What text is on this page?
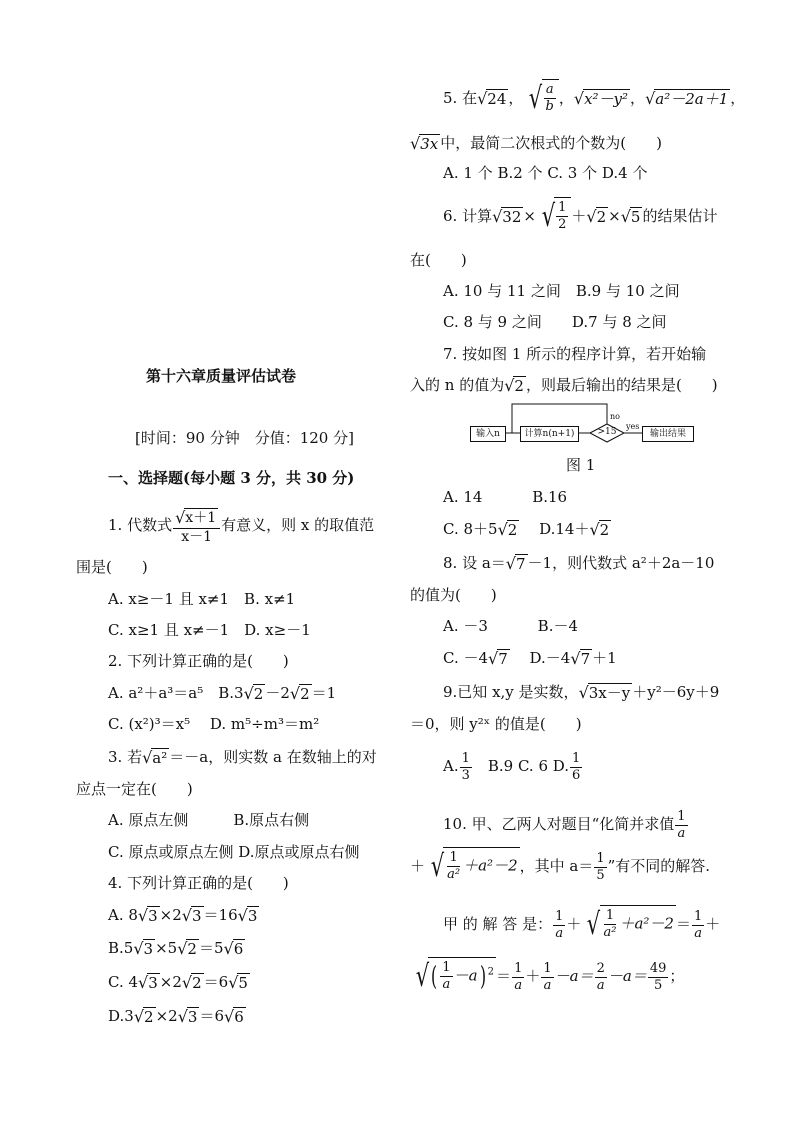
第十六章质量评估试卷
[时间：90 分钟　分值：120 分]
一、选择题(每小题 3 分，共 30 分)
1. 代数式 $\frac{√ x+1}{x-1}$ 有意义，则 x 的取值范
围是(　　)
A. x≥－1 且 x≠1　B. x≠1
C. x≥1 且 x≠－1　D. x≥－1
2. 下列计算正确的是(　　)
A. a²＋a³＝a⁵　B.3 √ 2 －2 √ 2 ＝1
C. (x²)³＝x⁵　 D. m⁵÷m³＝m²
3. 若 √ a² ＝－a，则实数 a 在数轴上的对
应点一定在(　　)
A. 原点左侧　　　B.原点右侧
C. 原点或原点左侧 D.原点或原点右侧
4. 下列计算正确的是(　　)
A. 8 √ 3 ×2 √ 3 ＝16 √ 3
B.5 √ 3 ×5 √ 2 ＝5 √ 6
C. 4 √ 3 ×2 √ 2 ＝6 √ 5
D.3 √ 2 ×2 √ 3 ＝6 √ 6
5. 在 √ 24 ， √ $\frac{a}{b}$ ， √ x²－y² ， √ a²－2a＋1 ，
√ 3x 中，最简二次根式的个数为(　　)
A. 1 个 B.2 个 C. 3 个 D.4 个
6. 计算 √ 32 × √ $\frac{1}{2}$ ＋ √ 2 × √ 5 的结果估计
在(　　)
A. 10 与 11 之间　B.9 与 10 之间
C. 8 与 9 之间　　D.7 与 8 之间
7. 按如图 1 所示的程序计算，若开始输
入的 n 的值为 √ 2 ，则最后输出的结果是(　　)
输入n	计算n(n+1)	>15
no
yes
输出结果
图 1
A. 14　　　 B.16
C. 8＋5 √ 2 　 D.14＋ √ 2
8. 设 a＝ √ 7 －1，则代数式 a²＋2a－10
的值为(　　)
A. －3　　　 B.－4
C. －4 √ 7 　 D.－4 √ 7 ＋1
9.已知 x,y 是实数， √ 3x－y ＋y²－6y＋9
＝0，则 y²ˣ 的值是(　　)
A. $\frac{1}{3}$ 　B.9 C. 6 D. $\frac{1}{6}$
10. 甲、乙两人对题目“化简并求值 $\frac{1}{a}$
＋ √ $\frac{1}{\text{a²}} +a^2-2$ ，其中 $a= \frac{1}{5}$ ”有不同的解答.
甲 的 解 答 是： $\frac{1}{a}$ ＋ √ $\frac{1}{\text{a²}} +a^2-2 = \frac{1}{a}$ ＋
√ ( $\frac{1}{a} -a$) $^2 = \frac{1}{a} + \frac{1}{a} -a= \frac{2}{a} -a= \frac{49}{5}$ ；
